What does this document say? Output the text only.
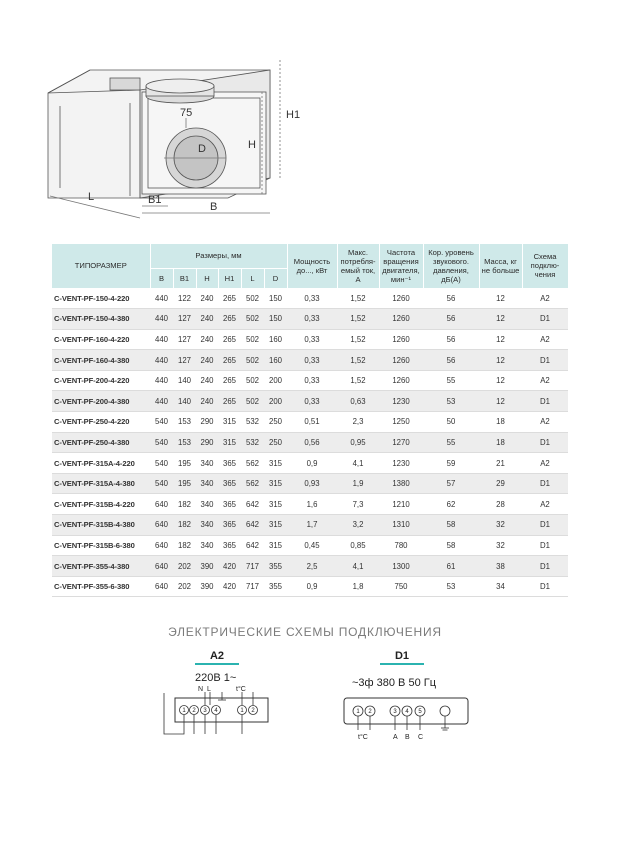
H1
H
75
D
L	B1
B
ТИПОРАЗМЕР	Размеры, мм						Мощность до..., кВт	Макс. потребля-емый ток, А	Частота вращения двигателя, мин⁻¹	Кор. уровень звукового. давления, дБ(А)	Масса, кг не больше	Схема подклю-чения
	B	B1	H	H1	L	D						
C-VENT-PF-150-4-220	440	122	240	265	502	150	0,33	1,52	1260	56	12	A2
C-VENT-PF-150-4-380	440	127	240	265	502	150	0,33	1,52	1260	56	12	D1
C-VENT-PF-160-4-220	440	127	240	265	502	160	0,33	1,52	1260	56	12	A2
C-VENT-PF-160-4-380	440	127	240	265	502	160	0,33	1,52	1260	56	12	D1
C-VENT-PF-200-4-220	440	140	240	265	502	200	0,33	1,52	1260	55	12	A2
C-VENT-PF-200-4-380	440	140	240	265	502	200	0,33	0,63	1230	53	12	D1
C-VENT-PF-250-4-220	540	153	290	315	532	250	0,51	2,3	1250	50	18	A2
C-VENT-PF-250-4-380	540	153	290	315	532	250	0,56	0,95	1270	55	18	D1
C-VENT-PF-315A-4-220	540	195	340	365	562	315	0,9	4,1	1230	59	21	A2
C-VENT-PF-315A-4-380	540	195	340	365	562	315	0,93	1,9	1380	57	29	D1
C-VENT-PF-315B-4-220	640	182	340	365	642	315	1,6	7,3	1210	62	28	A2
C-VENT-PF-315B-4-380	640	182	340	365	642	315	1,7	3,2	1310	58	32	D1
C-VENT-PF-315B-6-380	640	182	340	365	642	315	0,45	0,85	780	58	32	D1
C-VENT-PF-355-4-380	640	202	390	420	717	355	2,5	4,1	1300	61	38	D1
C-VENT-PF-355-6-380	640	202	390	420	717	355	0,9	1,8	750	53	34	D1
ЭЛЕКТРИЧЕСКИЕ СХЕМЫ ПОДКЛЮЧЕНИЯ
A2	D1
220В 1~
N L	t°C
1 2 3 4	1 2
~3ф 380 В 50 Гц
1 2	3 4 5
t°C	A B C
